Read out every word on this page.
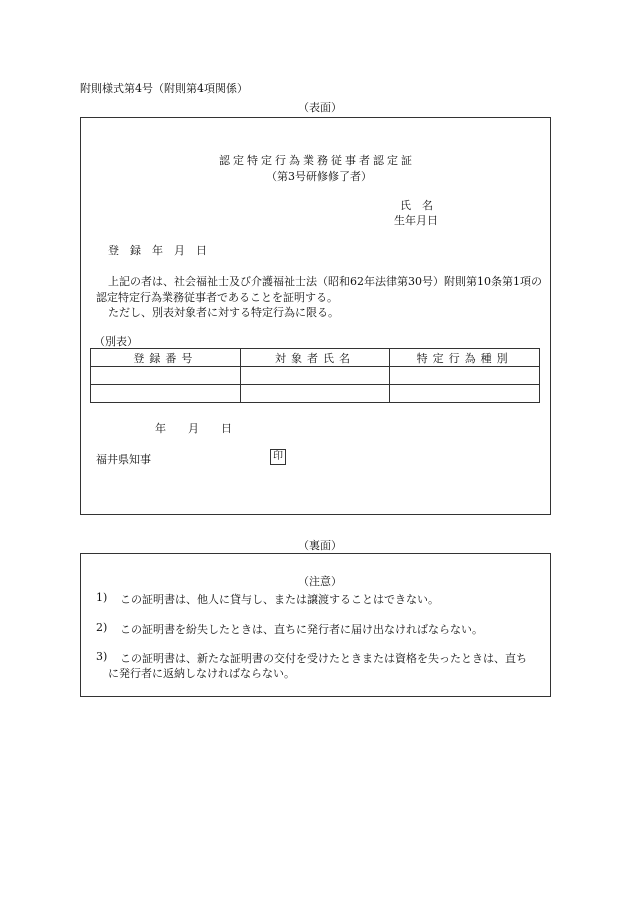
附則様式第4号（附則第4項関係）
（表面）
認定特定行為業務従事者認定証
（第3号研修修了者）
氏　名
生年月日
登　録　年　月　日
上記の者は、社会福祉士及び介護福祉士法（昭和62年法律第30号）附則第10条第1項の
認定特定行為業務従事者であることを証明する。
ただし、別表対象者に対する特定行為に限る。
（別表）
登録番号	対象者氏名	特定行為種別

年　　月　　日
福井県知事	印
（裏面）
（注意）
1) この証明書は、他人に貸与し、または譲渡することはできない。
2) この証明書を紛失したときは、直ちに発行者に届け出なければならない。
3) この証明書は、新たな証明書の交付を受けたときまたは資格を失ったときは、直ち
に発行者に返納しなければならない。
